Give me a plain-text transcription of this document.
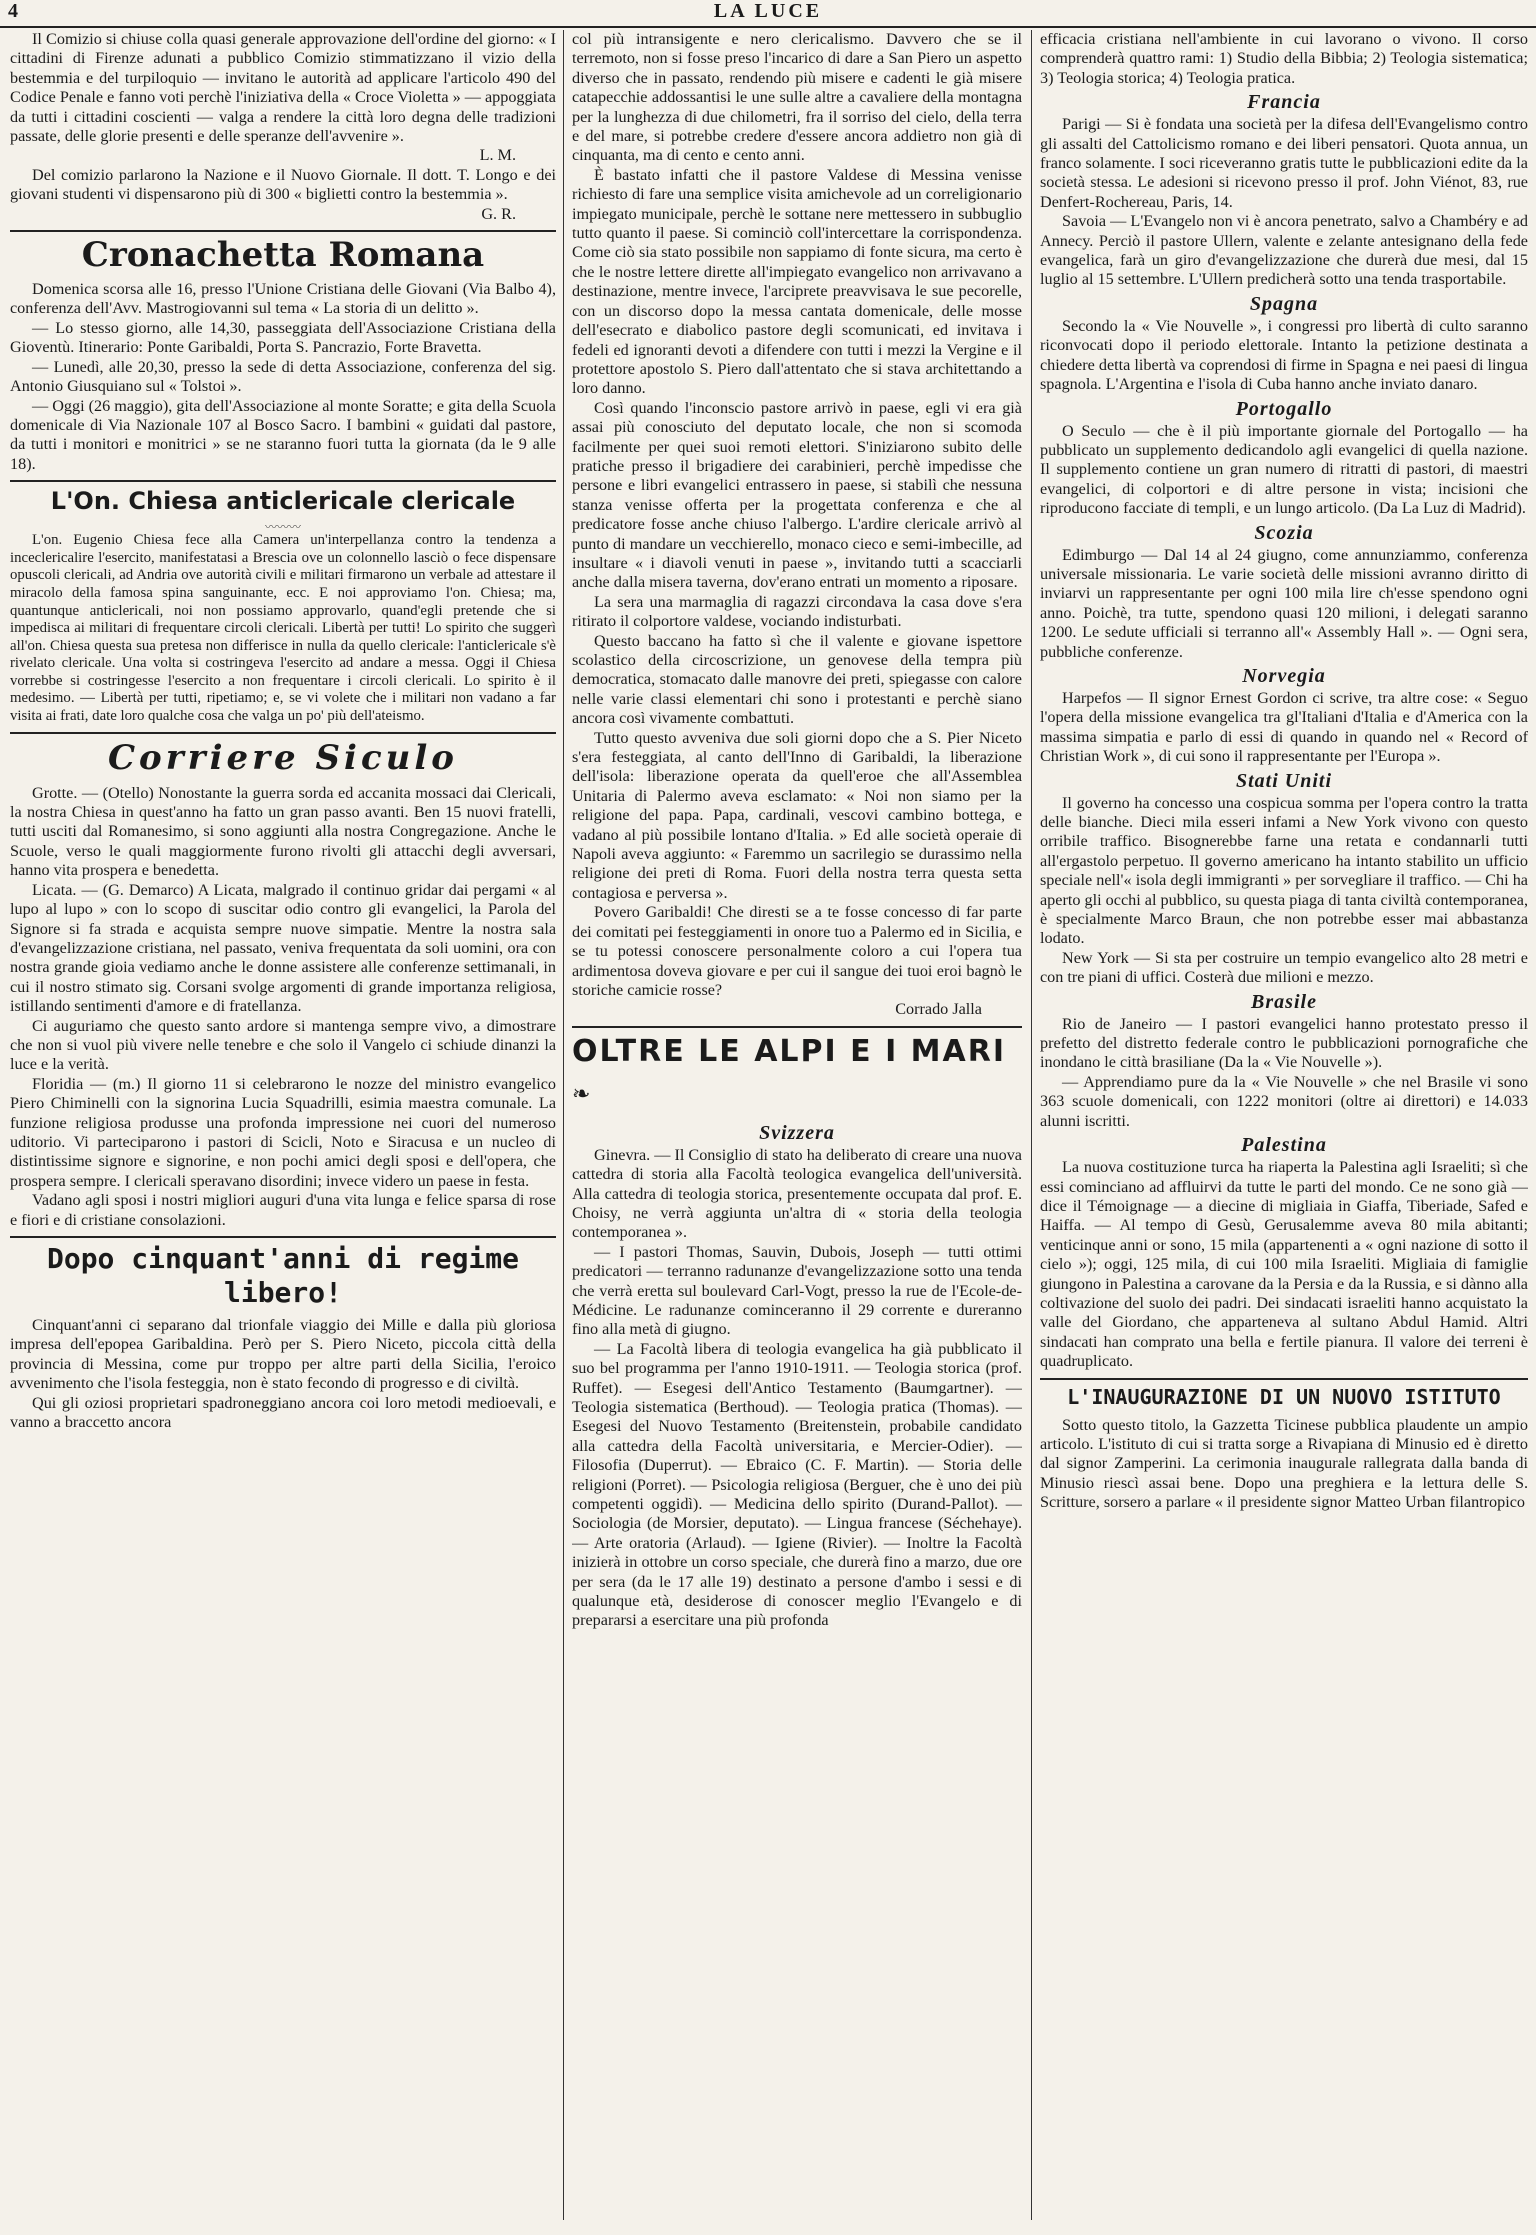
4	LA LUCE

Il Comizio si chiuse colla quasi generale approvazione dell'ordine del giorno: « I cittadini di Firenze adunati a pubblico Comizio stimmatizzano il vizio della bestemmia e del turpiloquio — invitano le autorità ad applicare l'articolo 490 del Codice Penale e fanno voti perchè l'iniziativa della « Croce Violetta » — appoggiata da tutti i cittadini coscienti — valga a rendere la città loro degna delle tradizioni passate, delle glorie presenti e delle speranze dell'avvenire ».

L. M.

Del comizio parlarono la Nazione e il Nuovo Giornale. Il dott. T. Longo e dei giovani studenti vi dispensarono più di 300 « biglietti contro la bestemmia ».

G. R.

Cronachetta Romana

Domenica scorsa alle 16, presso l'Unione Cristiana delle Giovani (Via Balbo 4), conferenza dell'Avv. Mastrogiovanni sul tema « La storia di un delitto ».

— Lo stesso giorno, alle 14,30, passeggiata dell'Associazione Cristiana della Gioventù. Itinerario: Ponte Garibaldi, Porta S. Pancrazio, Forte Bravetta.

— Lunedì, alle 20,30, presso la sede di detta Associazione, conferenza del sig. Antonio Giusquiano sul « Tolstoi ».

— Oggi (26 maggio), gita dell'Associazione al monte Soratte; e gita della Scuola domenicale di Via Nazionale 107 al Bosco Sacro. I bambini « guidati dal pastore, da tutti i monitori e monitrici » se ne staranno fuori tutta la giornata (da le 9 alle 18).

L'On. Chiesa anticlericale clericale
〰〰〰

L'on. Eugenio Chiesa fece alla Camera un'interpellanza contro la tendenza a inceclericalire l'esercito, manifestatasi a Brescia ove un colonnello lasciò o fece dispensare opuscoli clericali, ad Andria ove autorità civili e militari firmarono un verbale ad attestare il miracolo della famosa spina sanguinante, ecc. E noi approviamo l'on. Chiesa; ma, quantunque anticlericali, noi non possiamo approvarlo, quand'egli pretende che si impedisca ai militari di frequentare circoli clericali. Libertà per tutti! Lo spirito che suggerì all'on. Chiesa questa sua pretesa non differisce in nulla da quello clericale: l'anticlericale s'è rivelato clericale. Una volta si costringeva l'esercito ad andare a messa. Oggi il Chiesa vorrebbe si costringesse l'esercito a non frequentare i circoli clericali. Lo spirito è il medesimo. — Libertà per tutti, ripetiamo; e, se vi volete che i militari non vadano a far visita ai frati, date loro qualche cosa che valga un po' più dell'ateismo.

Corriere Siculo

Grotte. — (Otello) Nonostante la guerra sorda ed accanita mossaci dai Clericali, la nostra Chiesa in quest'anno ha fatto un gran passo avanti. Ben 15 nuovi fratelli, tutti usciti dal Romanesimo, si sono aggiunti alla nostra Congregazione. Anche le Scuole, verso le quali maggiormente furono rivolti gli attacchi degli avversari, hanno vita prospera e benedetta.

Licata. — (G. Demarco) A Licata, malgrado il continuo gridar dai pergami « al lupo al lupo » con lo scopo di suscitar odio contro gli evangelici, la Parola del Signore si fa strada e acquista sempre nuove simpatie. Mentre la nostra sala d'evangelizzazione cristiana, nel passato, veniva frequentata da soli uomini, ora con nostra grande gioia vediamo anche le donne assistere alle conferenze settimanali, in cui il nostro stimato sig. Corsani svolge argomenti di grande importanza religiosa, istillando sentimenti d'amore e di fratellanza.

Ci auguriamo che questo santo ardore si mantenga sempre vivo, a dimostrare che non si vuol più vivere nelle tenebre e che solo il Vangelo ci schiude dinanzi la luce e la verità.

Floridia — (m.) Il giorno 11 si celebrarono le nozze del ministro evangelico Piero Chiminelli con la signorina Lucia Squadrilli, esimia maestra comunale. La funzione religiosa produsse una profonda impressione nei cuori del numeroso uditorio. Vi parteciparono i pastori di Scicli, Noto e Siracusa e un nucleo di distintissime signore e signorine, e non pochi amici degli sposi e dell'opera, che prospera sempre. I clericali speravano disordini; invece videro un paese in festa.

Vadano agli sposi i nostri migliori auguri d'una vita lunga e felice sparsa di rose e fiori e di cristiane consolazioni.

Dopo cinquant'anni di regime libero!

Cinquant'anni ci separano dal trionfale viaggio dei Mille e dalla più gloriosa impresa dell'epopea Garibaldina. Però per S. Piero Niceto, piccola città della provincia di Messina, come pur troppo per altre parti della Sicilia, l'eroico avvenimento che l'isola festeggia, non è stato fecondo di progresso e di civiltà.

Qui gli oziosi proprietari spadroneggiano ancora coi loro metodi medioevali, e vanno a braccetto ancora

col più intransigente e nero clericalismo. Davvero che se il terremoto, non si fosse preso l'incarico di dare a San Piero un aspetto diverso che in passato, rendendo più misere e cadenti le già misere catapecchie addossantisi le une sulle altre a cavaliere della montagna per la lunghezza di due chilometri, fra il sorriso del cielo, della terra e del mare, si potrebbe credere d'essere ancora addietro non già di cinquanta, ma di cento e cento anni.

È bastato infatti che il pastore Valdese di Messina venisse richiesto di fare una semplice visita amichevole ad un correligionario impiegato municipale, perchè le sottane nere mettessero in subbuglio tutto quanto il paese. Si cominciò coll'intercettare la corrispondenza. Come ciò sia stato possibile non sappiamo di fonte sicura, ma certo è che le nostre lettere dirette all'impiegato evangelico non arrivavano a destinazione, mentre invece, l'arciprete preavvisava le sue pecorelle, con un discorso dopo la messa cantata domenicale, delle mosse dell'esecrato e diabolico pastore degli scomunicati, ed invitava i fedeli ed ignoranti devoti a difendere con tutti i mezzi la Vergine e il protettore apostolo S. Piero dall'attentato che si stava architettando a loro danno.

Così quando l'inconscio pastore arrivò in paese, egli vi era già assai più conosciuto del deputato locale, che non si scomoda facilmente per quei suoi remoti elettori. S'iniziarono subito delle pratiche presso il brigadiere dei carabinieri, perchè impedisse che persone e libri evangelici entrassero in paese, si stabilì che nessuna stanza venisse offerta per la progettata conferenza e che al predicatore fosse anche chiuso l'albergo. L'ardire clericale arrivò al punto di mandare un vecchierello, monaco cieco e semi-imbecille, ad insultare « i diavoli venuti in paese », invitando tutti a scacciarli anche dalla misera taverna, dov'erano entrati un momento a riposare.

La sera una marmaglia di ragazzi circondava la casa dove s'era ritirato il colportore valdese, vociando indisturbati.

Questo baccano ha fatto sì che il valente e giovane ispettore scolastico della circoscrizione, un genovese della tempra più democratica, stomacato dalle manovre dei preti, spiegasse con calore nelle varie classi elementari chi sono i protestanti e perchè siano ancora così vivamente combattuti.

Tutto questo avveniva due soli giorni dopo che a S. Pier Niceto s'era festeggiata, al canto dell'Inno di Garibaldi, la liberazione dell'isola: liberazione operata da quell'eroe che all'Assemblea Unitaria di Palermo aveva esclamato: « Noi non siamo per la religione del papa. Papa, cardinali, vescovi cambino bottega, e vadano al più possibile lontano d'Italia. » Ed alle società operaie di Napoli aveva aggiunto: « Faremmo un sacrilegio se durassimo nella religione dei preti di Roma. Fuori della nostra terra questa setta contagiosa e perversa ».

Povero Garibaldi! Che diresti se a te fosse concesso di far parte dei comitati pei festeggiamenti in onore tuo a Palermo ed in Sicilia, e se tu potessi conoscere personalmente coloro a cui l'opera tua ardimentosa doveva giovare e per cui il sangue dei tuoi eroi bagnò le storiche camicie rosse?

Corrado Jalla

OLTRE LE ALPI E I MARI ❧
Svizzera

Ginevra. — Il Consiglio di stato ha deliberato di creare una nuova cattedra di storia alla Facoltà teologica evangelica dell'università. Alla cattedra di teologia storica, presentemente occupata dal prof. E. Choisy, ne verrà aggiunta un'altra di « storia della teologia contemporanea ».

— I pastori Thomas, Sauvin, Dubois, Joseph — tutti ottimi predicatori — terranno radunanze d'evangelizzazione sotto una tenda che verrà eretta sul boulevard Carl-Vogt, presso la rue de l'Ecole-de-Médicine. Le radunanze cominceranno il 29 corrente e dureranno fino alla metà di giugno.

— La Facoltà libera di teologia evangelica ha già pubblicato il suo bel programma per l'anno 1910-1911. — Teologia storica (prof. Ruffet). — Esegesi dell'Antico Testamento (Baumgartner). — Teologia sistematica (Berthoud). — Teologia pratica (Thomas). — Esegesi del Nuovo Testamento (Breitenstein, probabile candidato alla cattedra della Facoltà universitaria, e Mercier-Odier). — Filosofia (Duperrut). — Ebraico (C. F. Martin). — Storia delle religioni (Porret). — Psicologia religiosa (Berguer, che è uno dei più competenti oggidì). — Medicina dello spirito (Durand-Pallot). — Sociologia (de Morsier, deputato). — Lingua francese (Séchehaye). — Arte oratoria (Arlaud). — Igiene (Rivier). — Inoltre la Facoltà inizierà in ottobre un corso speciale, che durerà fino a marzo, due ore per sera (da le 17 alle 19) destinato a persone d'ambo i sessi e di qualunque età, desiderose di conoscer meglio l'Evangelo e di prepararsi a esercitare una più profonda

efficacia cristiana nell'ambiente in cui lavorano o vivono. Il corso comprenderà quattro rami: 1) Studio della Bibbia; 2) Teologia sistematica; 3) Teologia storica; 4) Teologia pratica.

Francia

Parigi — Si è fondata una società per la difesa dell'Evangelismo contro gli assalti del Cattolicismo romano e dei liberi pensatori. Quota annua, un franco solamente. I soci riceveranno gratis tutte le pubblicazioni edite da la società stessa. Le adesioni si ricevono presso il prof. John Viénot, 83, rue Denfert-Rochereau, Paris, 14.

Savoia — L'Evangelo non vi è ancora penetrato, salvo a Chambéry e ad Annecy. Perciò il pastore Ullern, valente e zelante antesignano della fede evangelica, farà un giro d'evangelizzazione che durerà due mesi, dal 15 luglio al 15 settembre. L'Ullern predicherà sotto una tenda trasportabile.

Spagna

Secondo la « Vie Nouvelle », i congressi pro libertà di culto saranno riconvocati dopo il periodo elettorale. Intanto la petizione destinata a chiedere detta libertà va coprendosi di firme in Spagna e nei paesi di lingua spagnola. L'Argentina e l'isola di Cuba hanno anche inviato danaro.

Portogallo

O Seculo — che è il più importante giornale del Portogallo — ha pubblicato un supplemento dedicandolo agli evangelici di quella nazione. Il supplemento contiene un gran numero di ritratti di pastori, di maestri evangelici, di colportori e di altre persone in vista; incisioni che riproducono facciate di templi, e un lungo articolo. (Da La Luz di Madrid).

Scozia

Edimburgo — Dal 14 al 24 giugno, come annunziammo, conferenza universale missionaria. Le varie società delle missioni avranno diritto di inviarvi un rappresentante per ogni 100 mila lire ch'esse spendono ogni anno. Poichè, tra tutte, spendono quasi 120 milioni, i delegati saranno 1200. Le sedute ufficiali si terranno all'« Assembly Hall ». — Ogni sera, pubbliche conferenze.

Norvegia

Harpefos — Il signor Ernest Gordon ci scrive, tra altre cose: « Seguo l'opera della missione evangelica tra gl'Italiani d'Italia e d'America con la massima simpatia e parlo di essi di quando in quando nel « Record of Christian Work », di cui sono il rappresentante per l'Europa ».

Stati Uniti

Il governo ha concesso una cospicua somma per l'opera contro la tratta delle bianche. Dieci mila esseri infami a New York vivono con questo orribile traffico. Bisognerebbe farne una retata e condannarli tutti all'ergastolo perpetuo. Il governo americano ha intanto stabilito un ufficio speciale nell'« isola degli immigranti » per sorvegliare il traffico. — Chi ha aperto gli occhi al pubblico, su questa piaga di tanta civiltà contemporanea, è specialmente Marco Braun, che non potrebbe esser mai abbastanza lodato.

New York — Si sta per costruire un tempio evangelico alto 28 metri e con tre piani di uffici. Costerà due milioni e mezzo.

Brasile

Rio de Janeiro — I pastori evangelici hanno protestato presso il prefetto del distretto federale contro le pubblicazioni pornografiche che inondano le città brasiliane (Da la « Vie Nouvelle »).

— Apprendiamo pure da la « Vie Nouvelle » che nel Brasile vi sono 363 scuole domenicali, con 1222 monitori (oltre ai direttori) e 14.033 alunni iscritti.

Palestina

La nuova costituzione turca ha riaperta la Palestina agli Israeliti; sì che essi cominciano ad affluirvi da tutte le parti del mondo. Ce ne sono già — dice il Témoignage — a diecine di migliaia in Giaffa, Tiberiade, Safed e Haiffa. — Al tempo di Gesù, Gerusalemme aveva 80 mila abitanti; venticinque anni or sono, 15 mila (appartenenti a « ogni nazione di sotto il cielo »); oggi, 125 mila, di cui 100 mila Israeliti. Migliaia di famiglie giungono in Palestina a carovane da la Persia e da la Russia, e si dànno alla coltivazione del suolo dei padri. Dei sindacati israeliti hanno acquistato la valle del Giordano, che apparteneva al sultano Abdul Hamid. Altri sindacati han comprato una bella e fertile pianura. Il valore dei terreni è quadruplicato.

L'INAUGURAZIONE DI UN NUOVO ISTITUTO

Sotto questo titolo, la Gazzetta Ticinese pubblica plaudente un ampio articolo. L'istituto di cui si tratta sorge a Rivapiana di Minusio ed è diretto dal signor Zamperini. La cerimonia inaugurale rallegrata dalla banda di Minusio riescì assai bene. Dopo una preghiera e la lettura delle S. Scritture, sorsero a parlare « il presidente signor Matteo Urban filantropico
